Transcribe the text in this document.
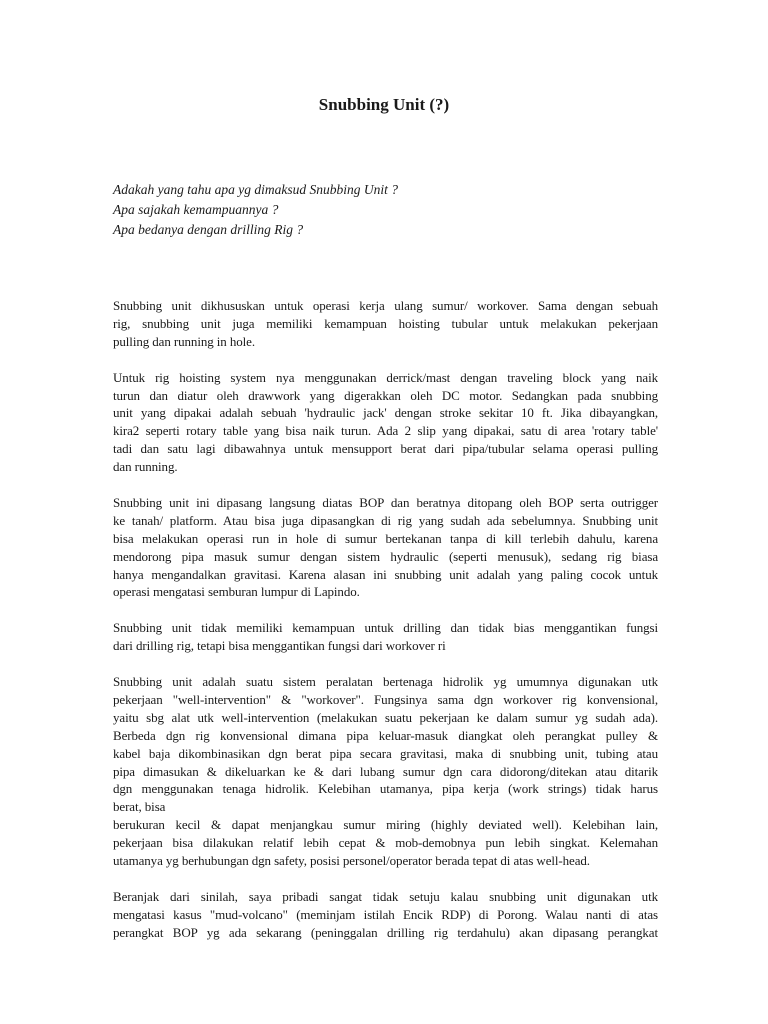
Snubbing Unit (?)
Adakah yang tahu apa yg dimaksud Snubbing Unit ?
Apa sajakah kemampuannya ?
Apa bedanya dengan drilling Rig ?
Snubbing unit dikhususkan untuk operasi kerja ulang sumur/ workover. Sama dengan sebuah
rig, snubbing unit juga memiliki kemampuan hoisting tubular untuk melakukan pekerjaan
pulling dan running in hole.
Untuk rig hoisting system nya menggunakan derrick/mast dengan traveling block yang naik
turun dan diatur oleh drawwork yang digerakkan oleh DC motor. Sedangkan pada snubbing
unit yang dipakai adalah sebuah 'hydraulic jack' dengan stroke sekitar 10 ft. Jika dibayangkan,
kira2 seperti rotary table yang bisa naik turun. Ada 2 slip yang dipakai, satu di area 'rotary table'
tadi dan satu lagi dibawahnya untuk mensupport berat dari pipa/tubular selama operasi pulling
dan running.
Snubbing unit ini dipasang langsung diatas BOP dan beratnya ditopang oleh BOP serta outrigger
ke tanah/ platform. Atau bisa juga dipasangkan di rig yang sudah ada sebelumnya. Snubbing unit
bisa melakukan operasi run in hole di sumur bertekanan tanpa di kill terlebih dahulu, karena
mendorong pipa masuk sumur dengan sistem hydraulic (seperti menusuk), sedang rig biasa
hanya mengandalkan gravitasi. Karena alasan ini snubbing unit adalah yang paling cocok untuk
operasi mengatasi semburan lumpur di Lapindo.
Snubbing unit tidak memiliki kemampuan untuk drilling dan tidak bias menggantikan fungsi
dari drilling rig, tetapi bisa menggantikan fungsi dari workover ri
Snubbing unit adalah suatu sistem peralatan bertenaga hidrolik yg umumnya digunakan utk
pekerjaan "well-intervention" & "workover". Fungsinya sama dgn workover rig konvensional,
yaitu sbg alat utk well-intervention (melakukan suatu pekerjaan ke dalam sumur yg sudah ada).
Berbeda dgn rig konvensional dimana pipa keluar-masuk diangkat oleh perangkat pulley &
kabel baja dikombinasikan dgn berat pipa secara gravitasi, maka di snubbing unit, tubing atau
pipa dimasukan & dikeluarkan ke & dari lubang sumur dgn cara didorong/ditekan atau ditarik
dgn menggunakan tenaga hidrolik. Kelebihan utamanya, pipa kerja (work strings) tidak harus
berat, bisa
berukuran kecil & dapat menjangkau sumur miring (highly deviated well). Kelebihan lain,
pekerjaan bisa dilakukan relatif lebih cepat & mob-demobnya pun lebih singkat. Kelemahan
utamanya yg berhubungan dgn safety, posisi personel/operator berada tepat di atas well-head.
Beranjak dari sinilah, saya pribadi sangat tidak setuju kalau snubbing unit digunakan utk
mengatasi kasus "mud-volcano" (meminjam istilah Encik RDP) di Porong. Walau nanti di atas
perangkat BOP yg ada sekarang (peninggalan drilling rig terdahulu) akan dipasang perangkat
